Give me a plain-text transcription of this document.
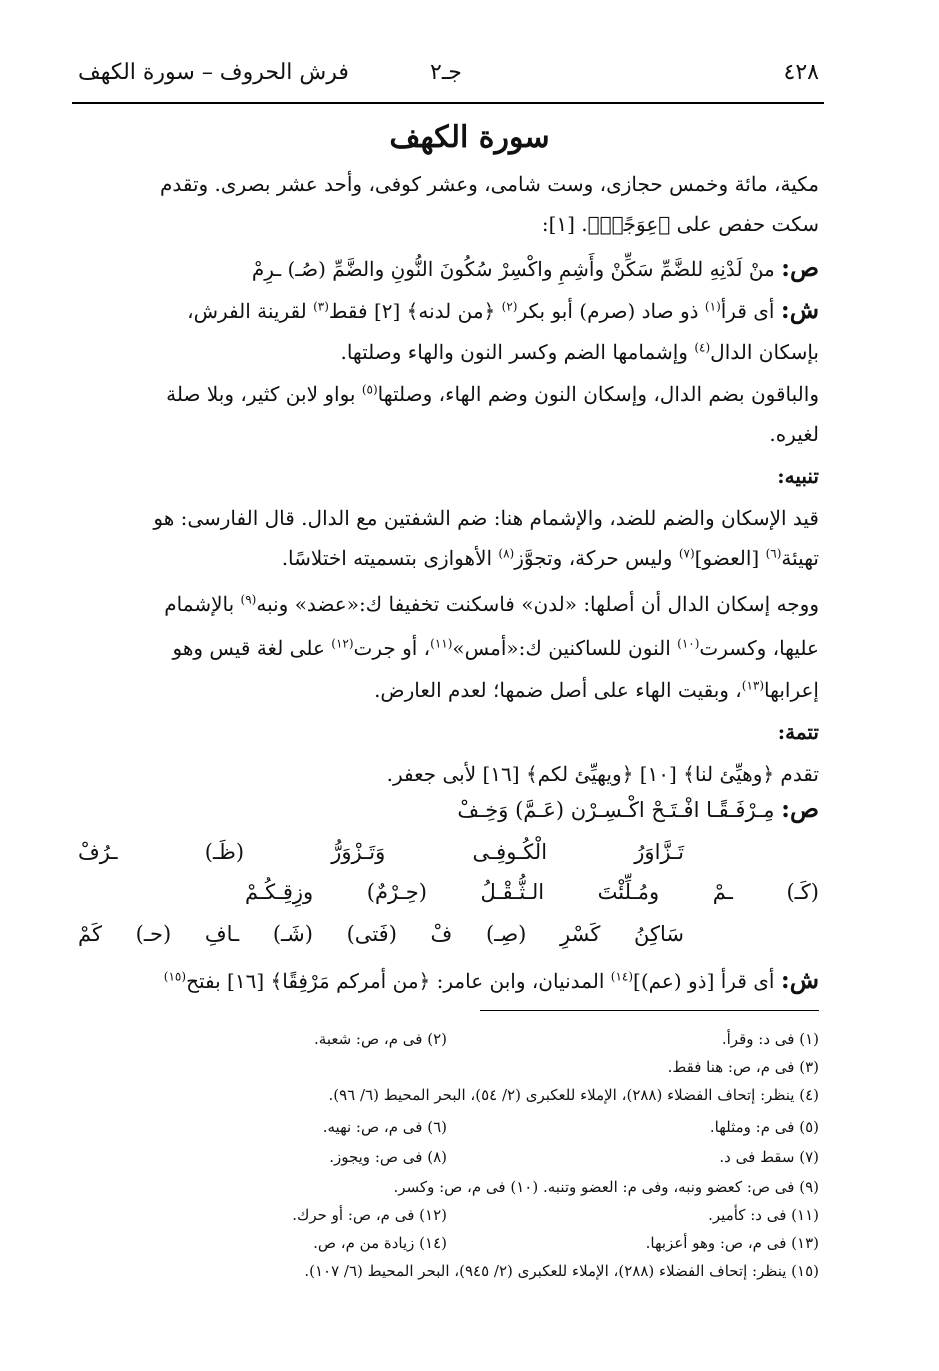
٤٢٨
جـ٢
فرش الحروف – سورة الكهف
سورة الكهف
مكية، مائة وخمس حجازى، وست شامى، وعشر كوفى، وأحد عشر بصرى. وتقدم
سكت حفص على ﴿عِوَجًاۜ﴾. [١]:
ص: منْ لَدْنِهِ للضَّمِّ سَكِّنْ وأَشِمِ واكْسِرْ سُكُونَ النُّونِ والضَّمِّ (صُـ) ـرِمْ
ش: أى قرأ$^{(١)}$ ذو صاد (صرم) أبو بكر$^{(٢)}$ ﴿من لدنه﴾ [٢] فقط$^{(٣)}$ لقرينة الفرش،
بإسكان الدال$^{(٤)}$ وإشمامها الضم وكسر النون والهاء وصلتها.
والباقون بضم الدال، وإسكان النون وضم الهاء، وصلتها$^{(٥)}$ بواو لابن كثير، وبلا صلة
لغيره.
تنبيه:
قيد الإسكان والضم للضد، والإشمام هنا: ضم الشفتين مع الدال. قال الفارسى: هو
تهيئة$^{(٦)}$ [العضو]$^{(٧)}$ وليس حركة، وتجوَّز$^{(٨)}$ الأهوازى بتسميته اختلاسًا.
ووجه إسكان الدال أن أصلها: «لدن» فاسكنت تخفيفا ك:«عضد» ونبه$^{(٩)}$ بالإشمام
عليها، وكسرت$^{(١٠)}$ النون للساكنين ك:«أمس»$^{(١١)}$، أو جرت$^{(١٢)}$ على لغة قيس وهو
إعرابها$^{(١٣)}$، وبقيت الهاء على أصل ضمها؛ لعدم العارض.
تتمة:
تقدم ﴿وهيِّئ لنا﴾ [١٠] ﴿ويهيِّئ لكم﴾ [١٦] لأبى جعفر.
ص: مِـرْفَـقًـا افْـتَـحْ اكْـسِـرْن (عَـمَّ) وَخِـفْ
تَـزَّاوَرُ الْكُـوفِـى وَتَـزْوَرُّ (ظَـ) ـرُفْ
(كَـ) ـمْ ومُـلِّئْتَ الـثُّـقْـلُ (حِـرْمٌ) وزِقِـكُـمْ
سَاكِنُ كَسْرِ (صِـ) فْ (فَتى) (شَـ) ـافِ (حـ) كَمْ
ش: أى قرأ [ذو (عم)]$^{(١٤)}$ المدنيان، وابن عامر: ﴿من أمركم مَرْفِقًا﴾ [١٦] بفتح$^{(١٥)}$
(١) فى د: وقرأ.
(٢) فى م، ص: شعبة.
(٣) فى م، ص: هنا فقط.
(٤) ينظر: إتحاف الفضلاء (٢٨٨)، الإملاء للعكبرى (٢/ ٥٤)، البحر المحيط (٦/ ٩٦).
(٥) فى م: ومثلها.
(٦) فى م، ص: نهيه.
(٧) سقط فى د.
(٨) فى ص: ويجوز.
(٩) فى ص: كعضو ونبه، وفى م: العضو وتنبه. (١٠) فى م، ص: وكسر.
(١١) فى د: كأمير.
(١٢) فى م، ص: أو حرك.
(١٣) فى م، ص: وهو أعزبها.
(١٤) زيادة من م، ص.
(١٥) ينظر: إتحاف الفضلاء (٢٨٨)، الإملاء للعكبرى (٢/ ٩٤٥)، البحر المحيط (٦/ ١٠٧).
